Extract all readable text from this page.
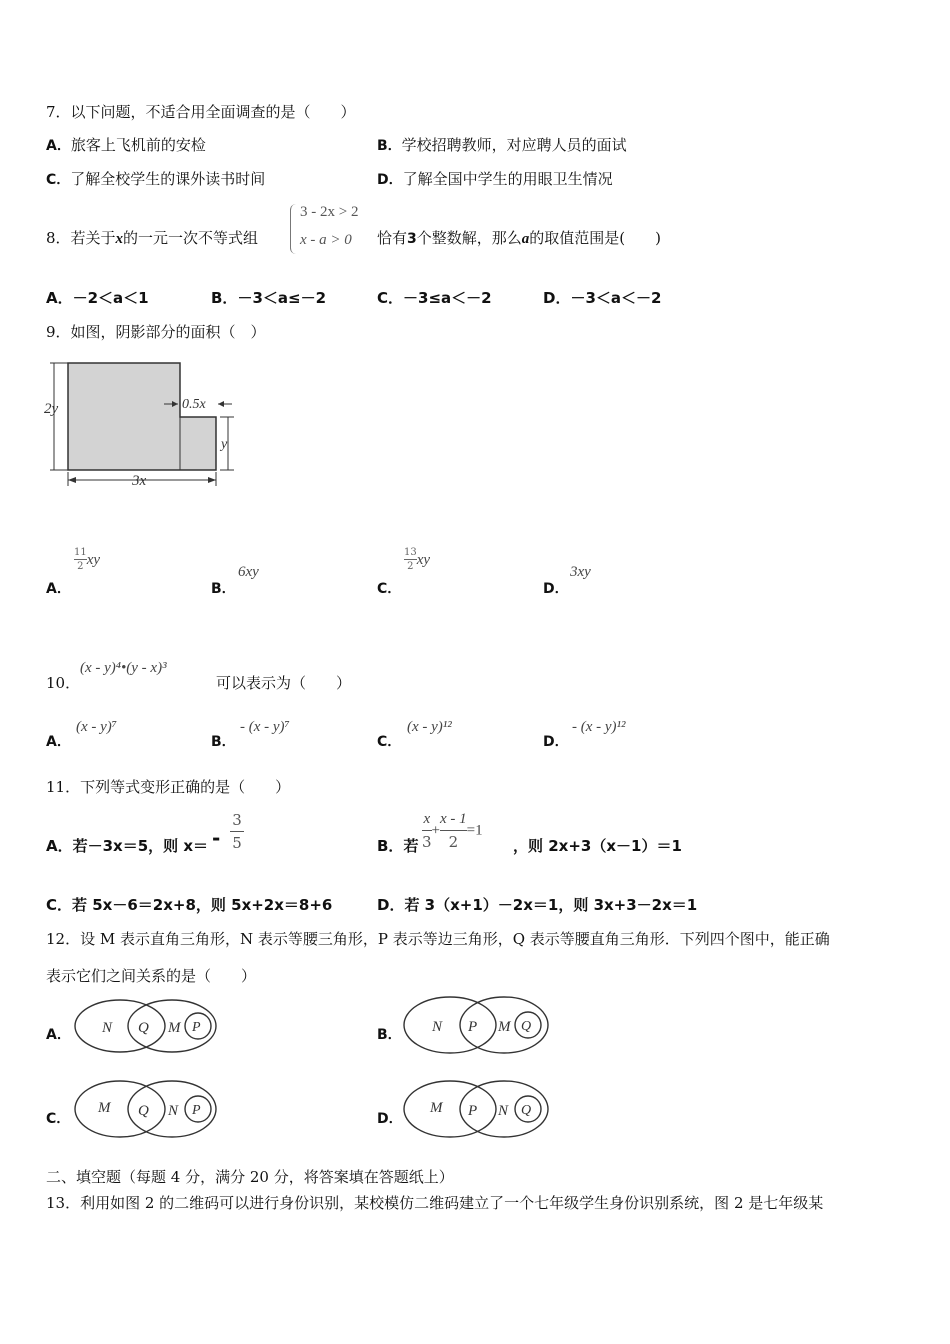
7．以下问题，不适合用全面调查的是（　　）
A．旅客上飞机前的安检	B．学校招聘教师，对应聘人员的面试
C．了解全校学生的课外读书时间	D．了解全国中学生的用眼卫生情况
8．若关于x的一元一次不等式组
3 - 2x > 2
x - a > 0 恰有3个整数解，那么a的取值范围是(　　)
A．－2＜a＜1	B．－3＜a≤－2	C．－3≤a＜－2	D．－3＜a＜－2
9．如图，阴影部分的面积（　）
2y	0.5x
y
3x
A．
$\frac{11}{2}$ xy
B．
6xy
C．
$\frac{13}{2}$ xy
D．
3xy
10．
(x - y)⁴•(y - x)³
可以表示为（　　）
A．
(x - y)⁷
B．
- (x - y)⁷
C．
(x - y)¹²
D．
- (x - y)¹²
11．下列等式变形正确的是（　　）
A．若－3x＝5，则 $x= - \frac{3}{5}$	B．若 $\frac{x}{3} + \frac{x - 1}{2} =1$
，则 2x+3（x－1）＝1
C．若 5x－6＝2x+8，则 5x+2x＝8+6	D．若 3（x+1）－2x＝1，则 3x+3－2x＝1
12．设 M 表示直角三角形，N 表示等腰三角形，P 表示等边三角形，Q 表示等腰直角三角形．下列四个图中，能正确
表示它们之间关系的是（　　）
A． N Q M P	B． N P M Q
C．
M Q N P
D．
M P N Q
二、填空题（每题 4 分，满分 20 分，将答案填在答题纸上）
13．利用如图 2 的二维码可以进行身份识别，某校模仿二维码建立了一个七年级学生身份识别系统，图 2 是七年级某
